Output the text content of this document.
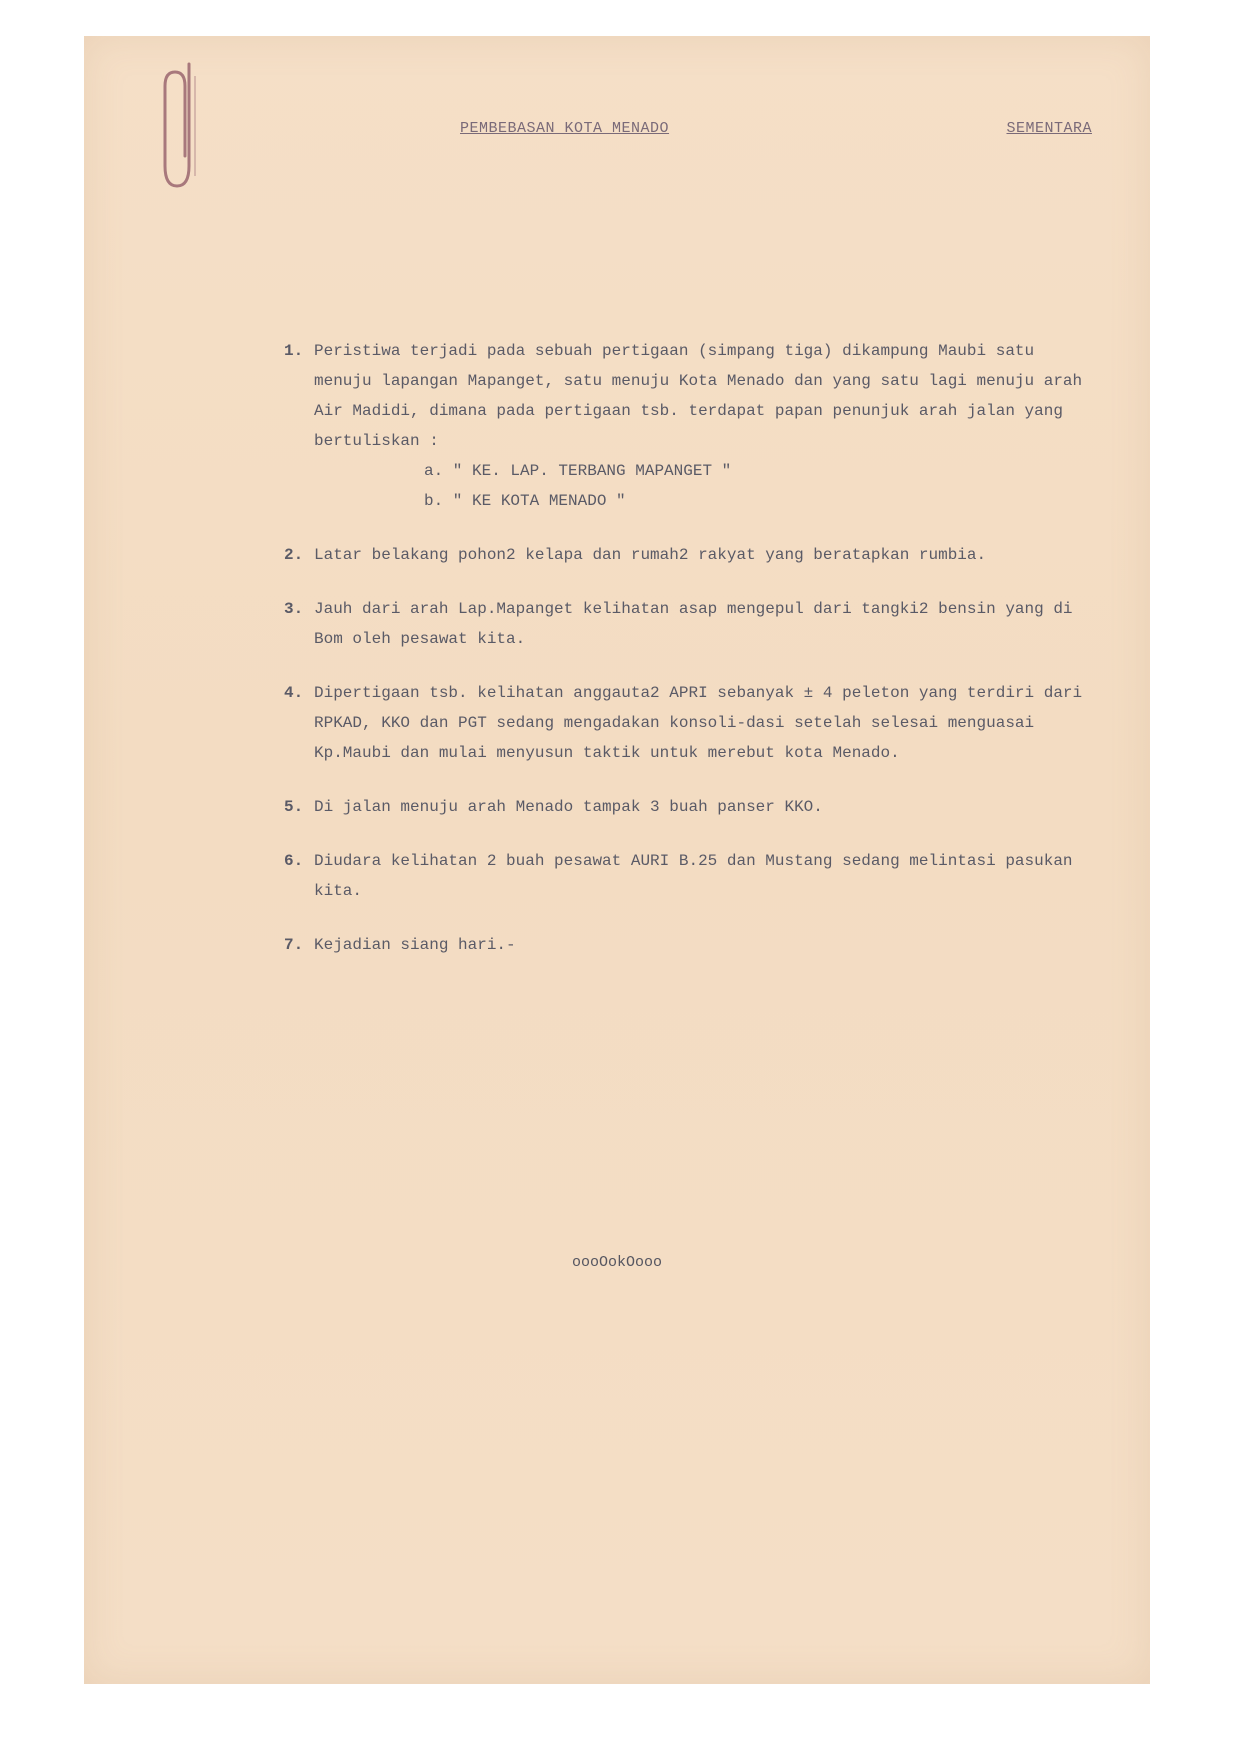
PEMBEBASAN KOTA MENADO	SEMENTARA
1. Peristiwa terjadi pada sebuah pertigaan (simpang tiga) dikampung Maubi satu menuju lapangan Mapanget, satu menuju Kota Menado dan yang satu lagi menuju arah Air Madidi, dimana pada pertigaan tsb. terdapat papan penunjuk arah jalan yang bertuliskan :
a. " KE. LAP. TERBANG MAPANGET "
b. " KE KOTA MENADO "
2. Latar belakang pohon2 kelapa dan rumah2 rakyat yang beratapkan rumbia.
3. Jauh dari arah Lap.Mapanget kelihatan asap mengepul dari tangki2 bensin yang di Bom oleh pesawat kita.
4. Dipertigaan tsb. kelihatan anggauta2 APRI sebanyak ± 4 peleton yang terdiri dari RPKAD, KKO dan PGT sedang mengadakan konsoli-dasi setelah selesai menguasai Kp.Maubi dan mulai menyusun taktik untuk merebut kota Menado.
5. Di jalan menuju arah Menado tampak 3 buah panser KKO.
6. Diudara kelihatan 2 buah pesawat AURI B.25 dan Mustang sedang melintasi pasukan kita.
7. Kejadian siang hari.-
oooOokOooo
